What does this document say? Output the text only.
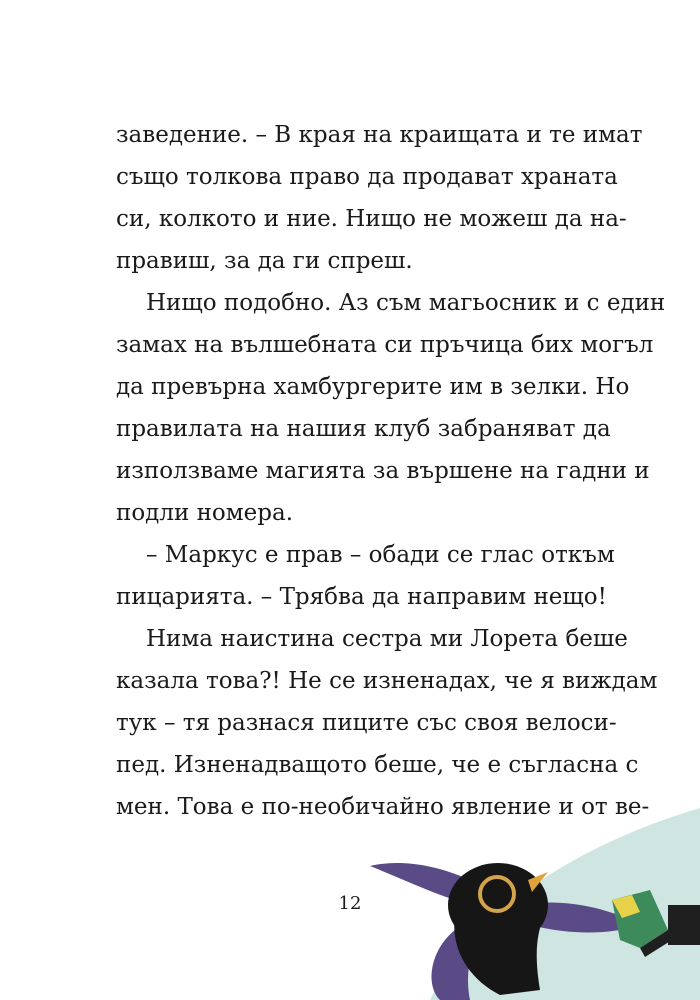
заведение. – В края на краищата и те имат
също толкова право да продават храната
си, колкото и ние. Нищо не можеш да на-
правиш, за да ги спреш.
Нищо подобно. Аз съм магьосник и с един
замах на вълшебната си пръчица бих могъл
да превърна хамбургерите им в зелки. Но
правилата на нашия клуб забраняват да
използваме магията за вършене на гадни и
подли номера.
– Маркус е прав – обади се глас откъм
пицарията. – Трябва да направим нещо!
Нима наистина сестра ми Лорета беше
казала това?! Не се изненадах, че я виждам
тук – тя разнася пиците със своя велоси-
пед. Изненадващото беше, че е съгласна с
мен. Това е по-необичайно явление и от ве-
12
